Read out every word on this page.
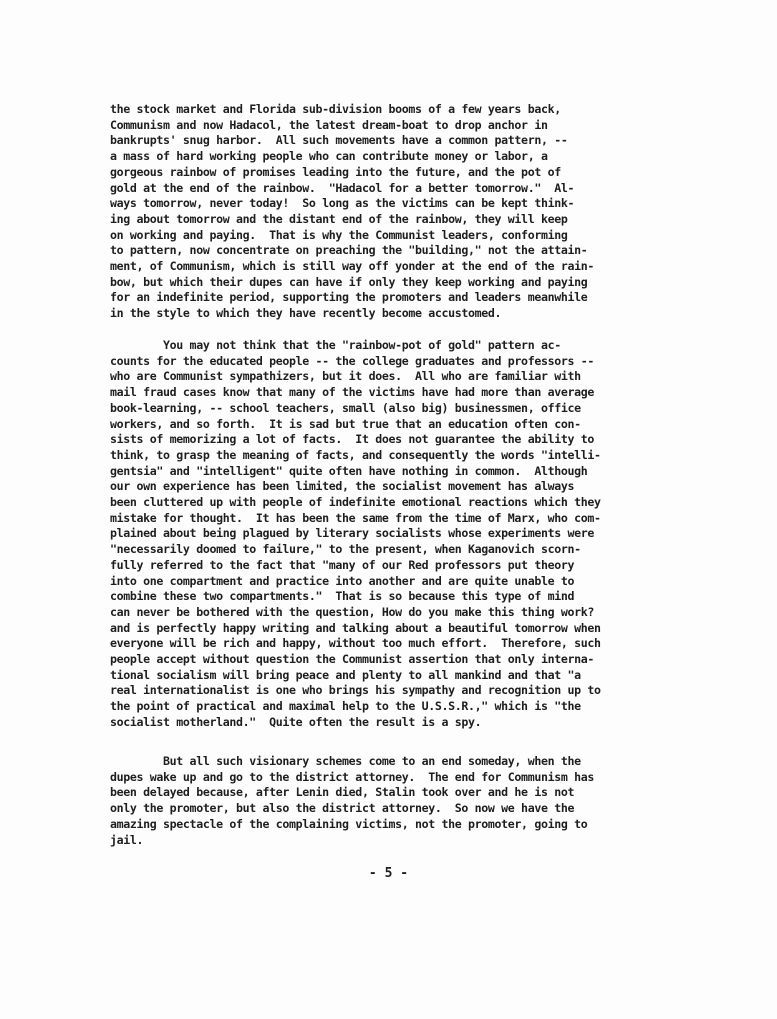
the stock market and Florida sub-division booms of a few years back,
Communism and now Hadacol, the latest dream-boat to drop anchor in
bankrupts' snug harbor.  All such movements have a common pattern, --
a mass of hard working people who can contribute money or labor, a
gorgeous rainbow of promises leading into the future, and the pot of
gold at the end of the rainbow.  "Hadacol for a better tomorrow."  Al-
ways tomorrow, never today!  So long as the victims can be kept think-
ing about tomorrow and the distant end of the rainbow, they will keep
on working and paying.  That is why the Communist leaders, conforming
to pattern, now concentrate on preaching the "building," not the attain-
ment, of Communism, which is still way off yonder at the end of the rain-
bow, but which their dupes can have if only they keep working and paying
for an indefinite period, supporting the promoters and leaders meanwhile
in the style to which they have recently become accustomed.
You may not think that the "rainbow-pot of gold" pattern ac-
counts for the educated people -- the college graduates and professors --
who are Communist sympathizers, but it does.  All who are familiar with
mail fraud cases know that many of the victims have had more than average
book-learning, -- school teachers, small (also big) businessmen, office
workers, and so forth.  It is sad but true that an education often con-
sists of memorizing a lot of facts.  It does not guarantee the ability to
think, to grasp the meaning of facts, and consequently the words "intelli-
gentsia" and "intelligent" quite often have nothing in common.  Although
our own experience has been limited, the socialist movement has always
been cluttered up with people of indefinite emotional reactions which they
mistake for thought.  It has been the same from the time of Marx, who com-
plained about being plagued by literary socialists whose experiments were
"necessarily doomed to failure," to the present, when Kaganovich scorn-
fully referred to the fact that "many of our Red professors put theory
into one compartment and practice into another and are quite unable to
combine these two compartments."  That is so because this type of mind
can never be bothered with the question, How do you make this thing work?
and is perfectly happy writing and talking about a beautiful tomorrow when
everyone will be rich and happy, without too much effort.  Therefore, such
people accept without question the Communist assertion that only interna-
tional socialism will bring peace and plenty to all mankind and that "a
real internationalist is one who brings his sympathy and recognition up to
the point of practical and maximal help to the U.S.S.R.," which is "the
socialist motherland."  Quite often the result is a spy.
But all such visionary schemes come to an end someday, when the
dupes wake up and go to the district attorney.  The end for Communism has
been delayed because, after Lenin died, Stalin took over and he is not
only the promoter, but also the district attorney.  So now we have the
amazing spectacle of the complaining victims, not the promoter, going to
jail.
- 5 -
